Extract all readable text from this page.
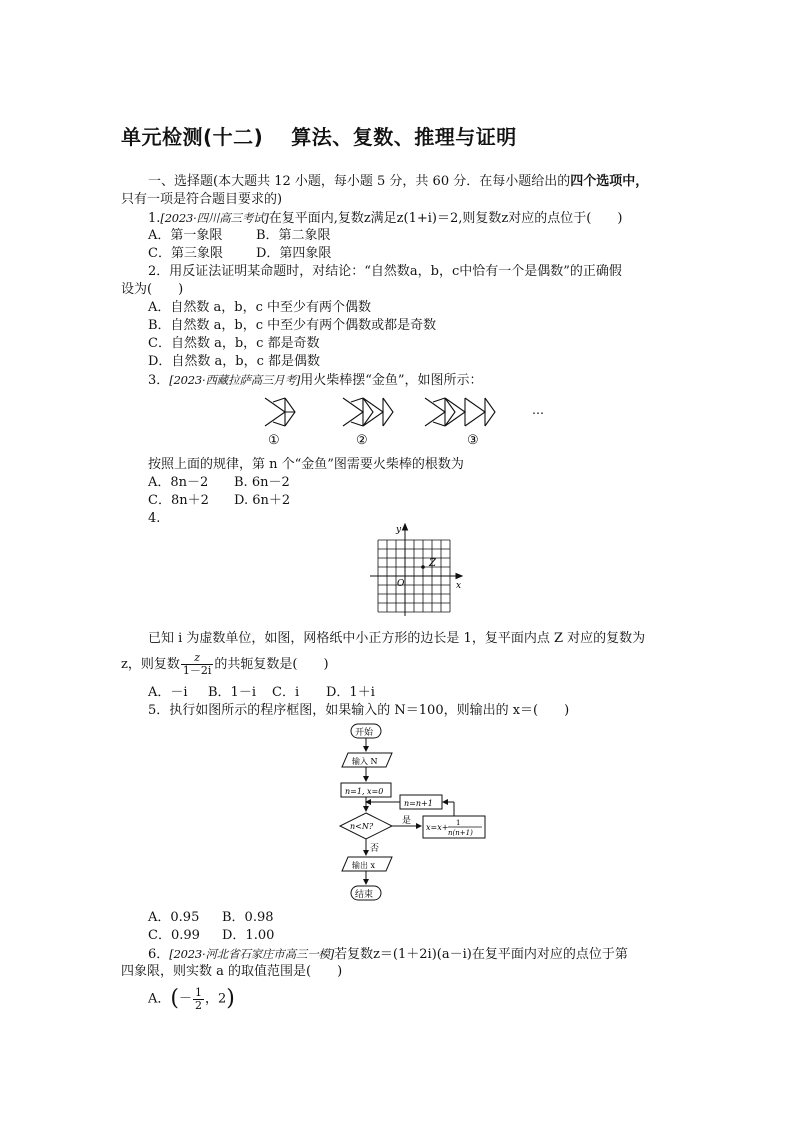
单元检测(十二) 算法、复数、推理与证明
一、选择题(本大题共 12 小题，每小题 5 分，共 60 分．在每小题给出的四个选项中，
只有一项是符合题目要求的)
1.[2023·四川高三考试]在复平面内,复数z满足z(1+i)＝2,则复数z对应的点位于(　　)
A．第一象限	B．第二象限
C．第三象限	D．第四象限
2．用反证法证明某命题时，对结论：“自然数a，b，c中恰有一个是偶数”的正确假
设为(　　)
A．自然数 a，b，c 中至少有两个偶数
B．自然数 a，b，c 中至少有两个偶数或都是奇数
C．自然数 a，b，c 都是奇数
D．自然数 a，b，c 都是偶数
3．[2023·西藏拉萨高三月考]用火柴棒摆“金鱼”，如图所示：
①	②	③
…
按照上面的规律，第 n 个“金鱼”图需要火柴棒的根数为
A．8n－2 B. 6n－2
C．8n＋2 D. 6n＋2
4.
y
x
O
Z
已知 i 为虚数单位，如图，网格纸中小正方形的边长是 1，复平面内点 Z 对应的复数为
z，则复数 $\frac{z}{1-2i}$ 的共轭复数是(　　)
A．－i B．1－i C．i D．1＋i
5．执行如图所示的程序框图，如果输入的 N＝100，则输出的 x＝(　　)
开始
输入 N
n=1, x=0
n<N?
是
否
n=n+1
x=x+ 1
n(n+1)
输出 x
结束
A．0.95 B．0.98
C．0.99 D．1.00
6．[2023·河北省石家庄市高三一模]若复数z＝(1＋2i)(a－i)在复平面内对应的点位于第
四象限，则实数 a 的取值范围是(　　)
A．(－ $\frac{1}{2}$ ，2)
